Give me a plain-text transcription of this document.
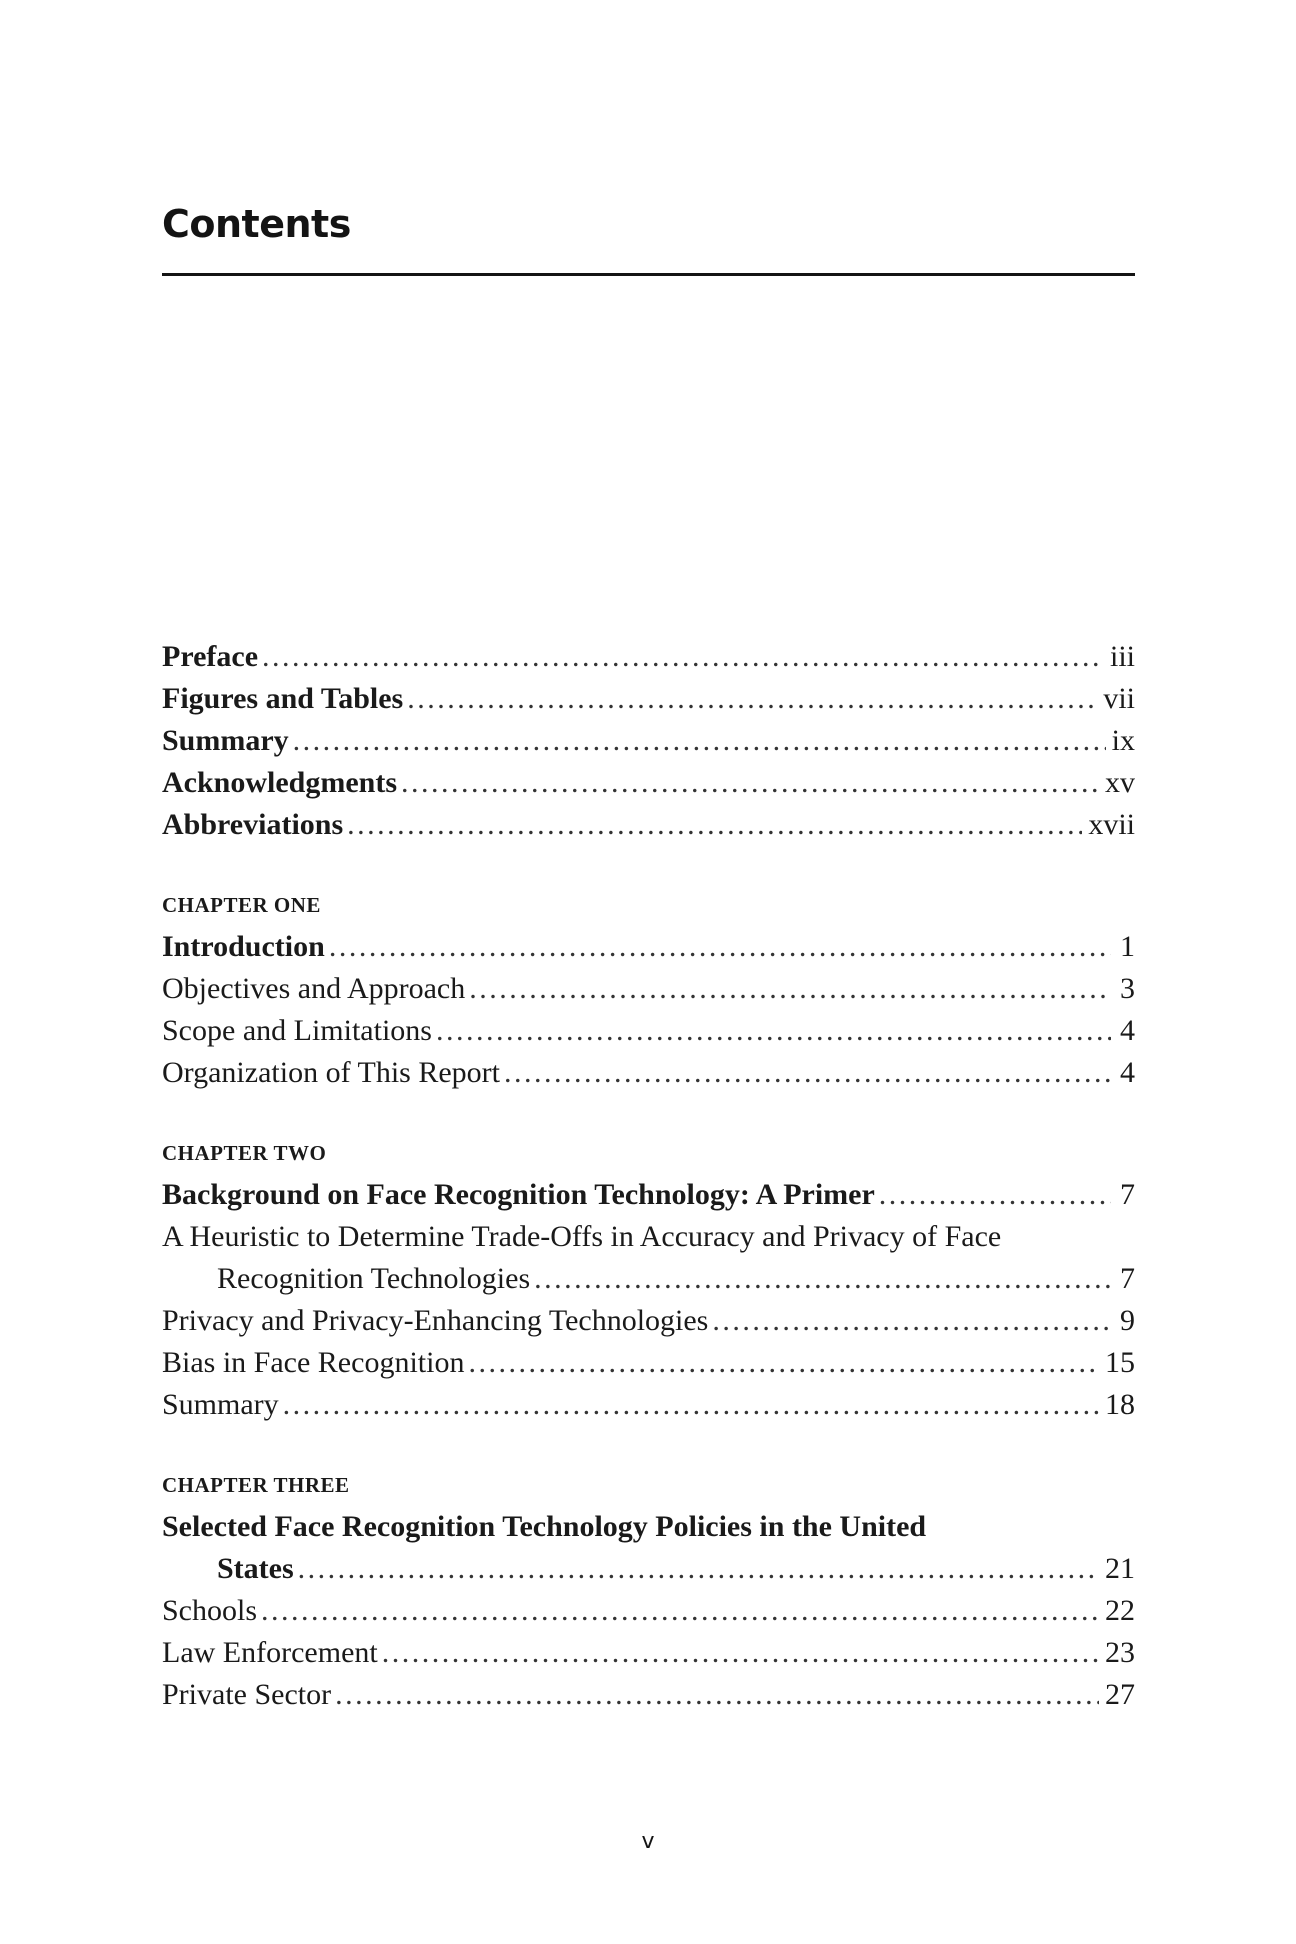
Contents
Preface .....	iii
Figures and Tables .....	vii
Summary .....	ix
Acknowledgments .....	xv
Abbreviations .....	xvii
CHAPTER ONE
Introduction .....	1
Objectives and Approach .....	3
Scope and Limitations .....	4
Organization of This Report .....	4
CHAPTER TWO
Background on Face Recognition Technology: A Primer .....	7
A Heuristic to Determine Trade-Offs in Accuracy and Privacy of Face
Recognition Technologies .....	7
Privacy and Privacy-Enhancing Technologies .....	9
Bias in Face Recognition .....	15
Summary .....	18
CHAPTER THREE
Selected Face Recognition Technology Policies in the United
States .....	21
Schools .....	22
Law Enforcement .....	23
Private Sector .....	27
v
